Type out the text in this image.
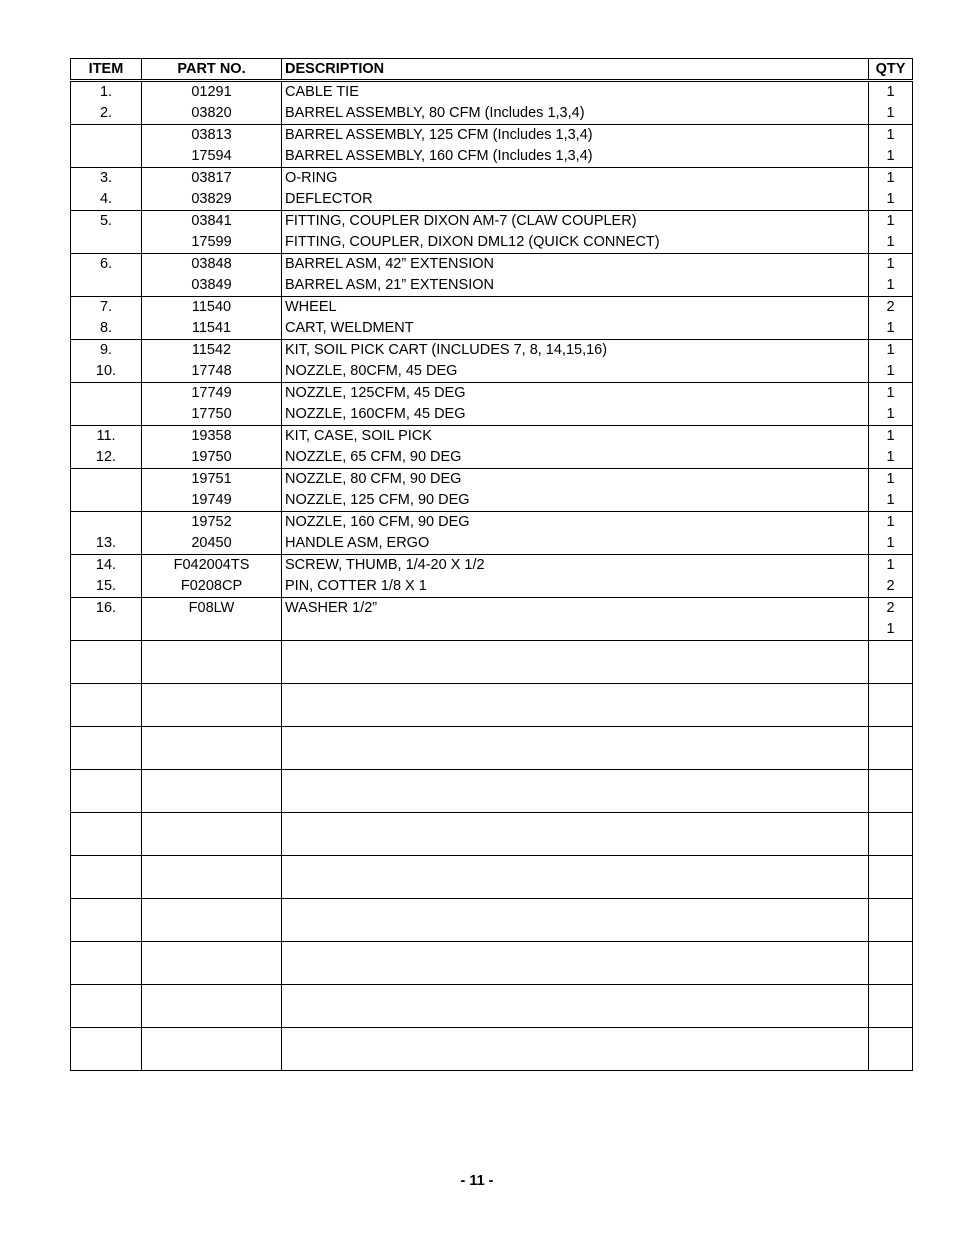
ITEM	PART NO.	DESCRIPTION	QTY
1.	01291	CABLE TIE	1
2.	03820	BARREL ASSEMBLY, 80 CFM (Includes 1,3,4)	1
	03813	BARREL ASSEMBLY, 125 CFM (Includes 1,3,4)	1
	17594	BARREL ASSEMBLY, 160 CFM (Includes 1,3,4)	1
3.	03817	O-RING	1
4.	03829	DEFLECTOR	1
5.	03841	FITTING, COUPLER DIXON AM-7 (CLAW COUPLER)	1
	17599	FITTING, COUPLER, DIXON DML12 (QUICK CONNECT)	1
6.	03848	BARREL ASM, 42” EXTENSION	1
	03849	BARREL ASM, 21” EXTENSION	1
7.	11540	WHEEL	2
8.	11541	CART, WELDMENT	1
9.	11542	KIT, SOIL PICK CART (INCLUDES 7, 8, 14,15,16)	1
10.	17748	NOZZLE, 80CFM, 45 DEG	1
	17749	NOZZLE, 125CFM, 45 DEG	1
	17750	NOZZLE, 160CFM, 45 DEG	1
11.	19358	KIT, CASE, SOIL PICK	1
12.	19750	NOZZLE, 65 CFM, 90 DEG	1
	19751	NOZZLE, 80 CFM, 90 DEG	1
	19749	NOZZLE, 125 CFM, 90 DEG	1
	19752	NOZZLE, 160 CFM, 90 DEG	1
13.	20450	HANDLE ASM, ERGO	1
14.	F042004TS	SCREW, THUMB, 1/4-20 X 1/2	1
15.	F0208CP	PIN, COTTER 1/8 X 1	2
16.	F08LW	WASHER 1/2”	2
			1

- 11 -
